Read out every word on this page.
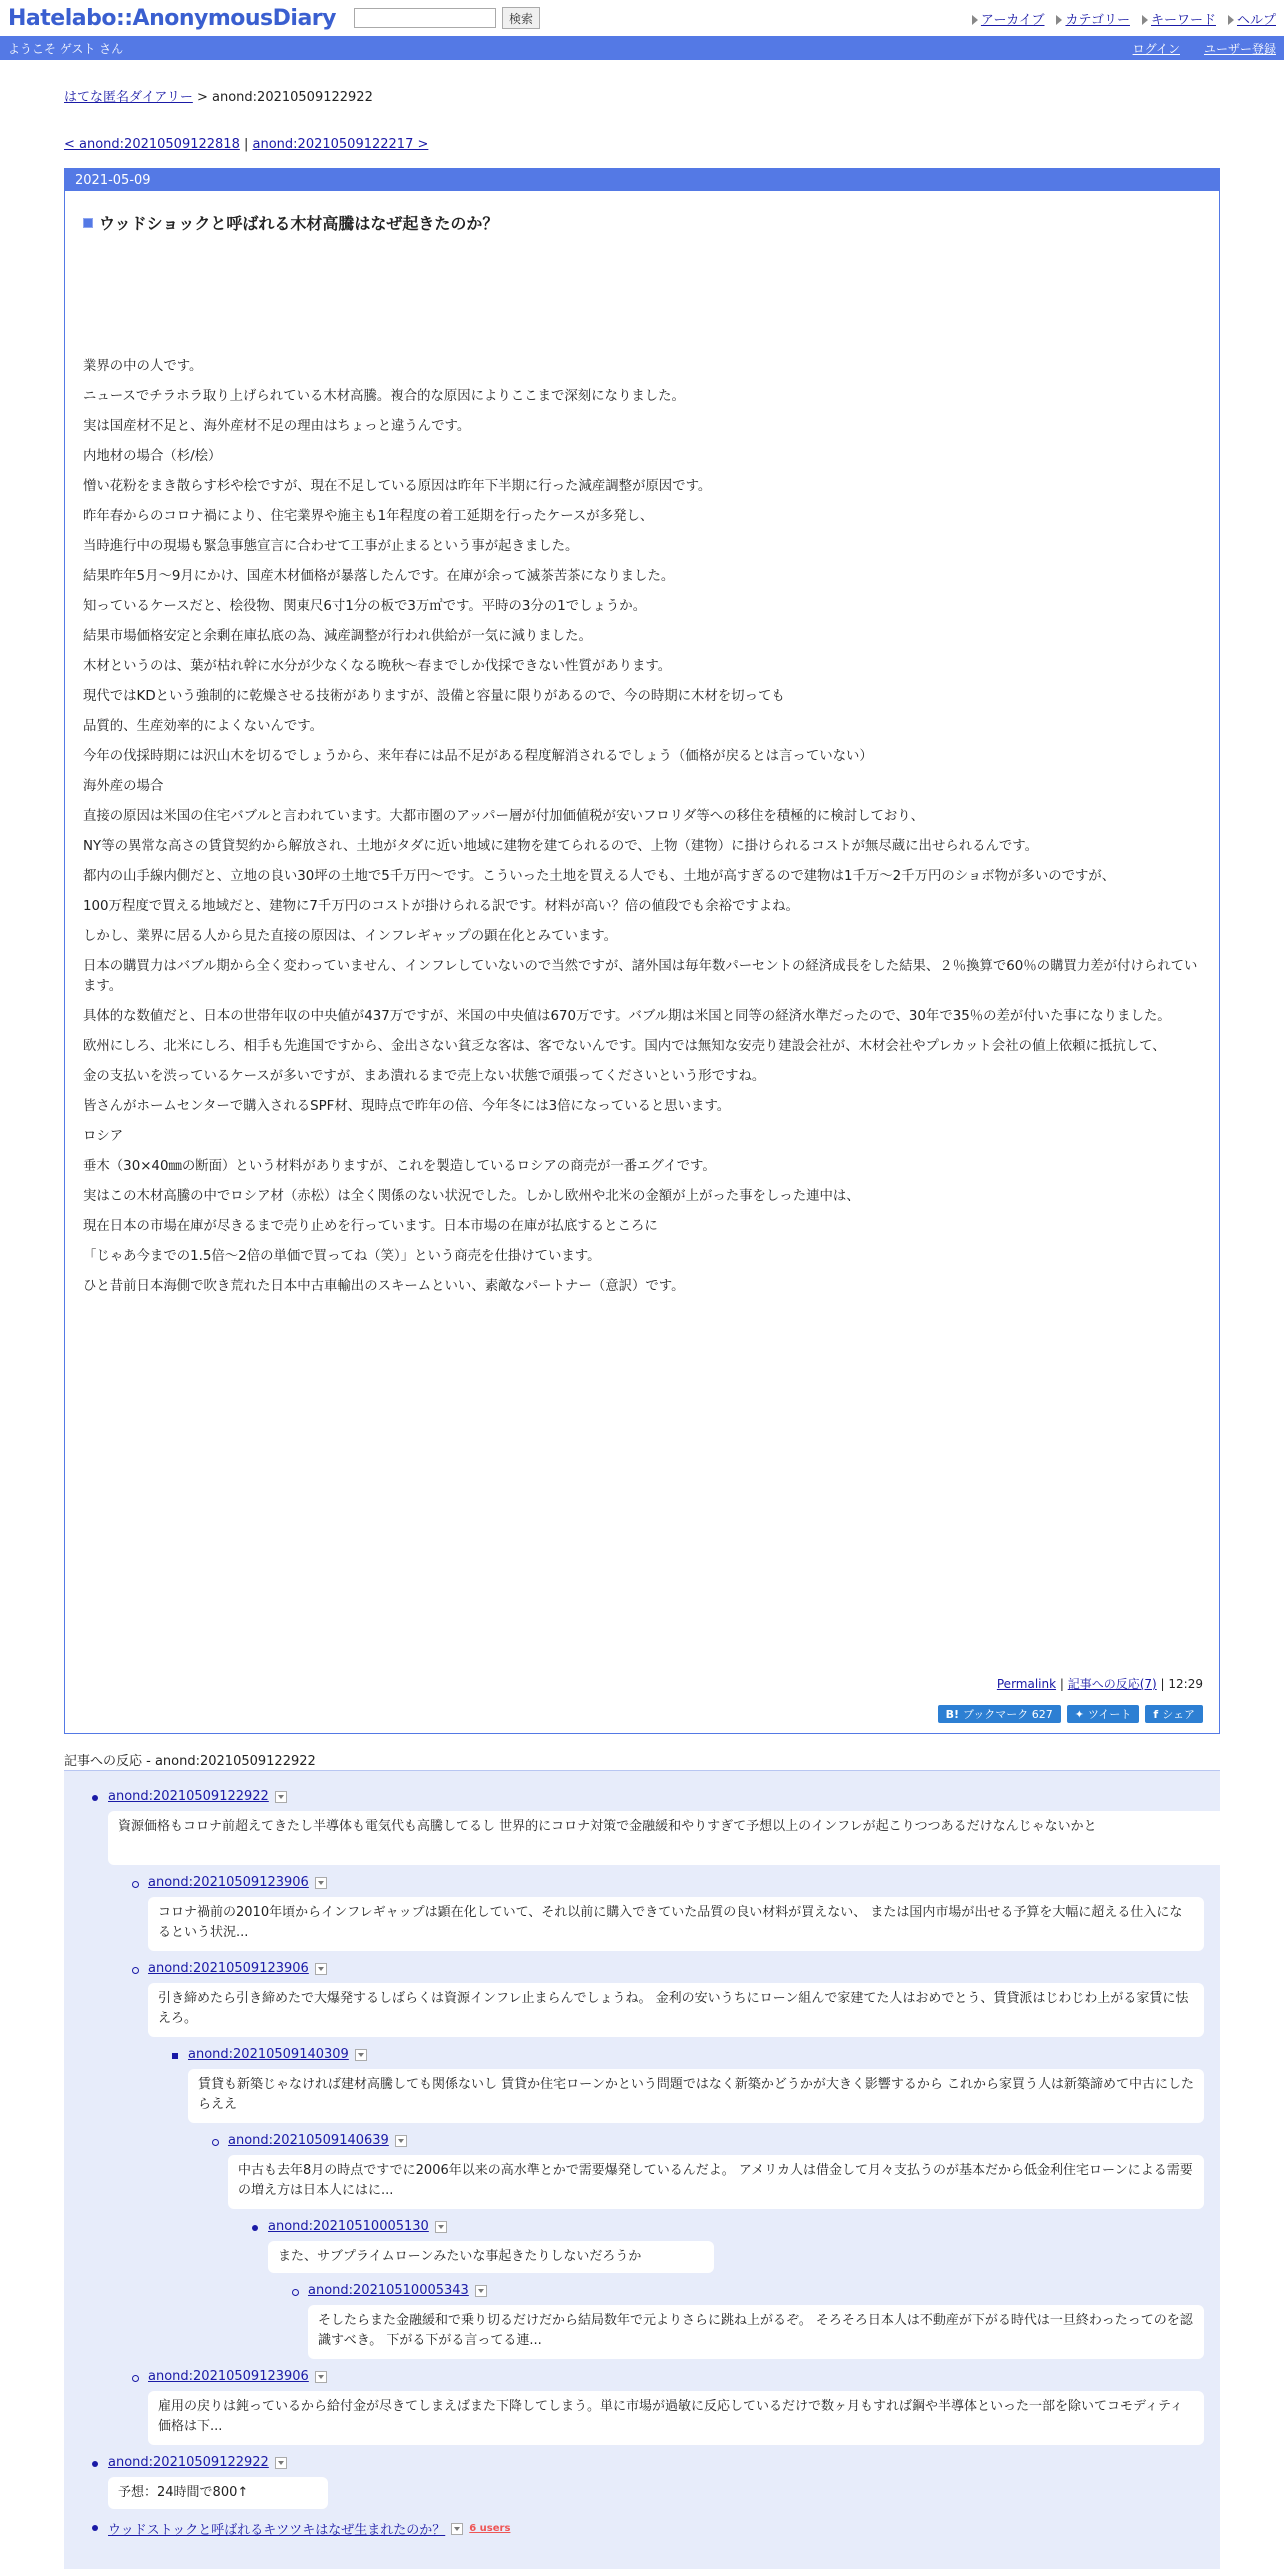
Hatelabo::AnonymousDiary	検索	アーカイブ	カテゴリー	キーワード	ヘルプ
ようこそ ゲスト さん	ログイン ユーザー登録
はてな匿名ダイアリー > anond:20210509122922
< anond:20210509122818 | anond:20210509122217 >
2021-05-09
ウッドショックと呼ばれる木材高騰はなぜ起きたのか？

業界の中の人です。

ニュースでチラホラ取り上げられている木材高騰。複合的な原因によりここまで深刻になりました。

実は国産材不足と、海外産材不足の理由はちょっと違うんです。

内地材の場合（杉/桧）

憎い花粉をまき散らす杉や桧ですが、現在不足している原因は昨年下半期に行った減産調整が原因です。

昨年春からのコロナ禍により、住宅業界や施主も1年程度の着工延期を行ったケースが多発し、

当時進行中の現場も緊急事態宣言に合わせて工事が止まるという事が起きました。

結果昨年5月～9月にかけ、国産木材価格が暴落したんです。在庫が余って滅茶苦茶になりました。

知っているケースだと、桧役物、関東尺6寸1分の板で3万㎥です。平時の3分の1でしょうか。

結果市場価格安定と余剰在庫払底の為、減産調整が行われ供給が一気に減りました。

木材というのは、葉が枯れ幹に水分が少なくなる晩秋～春までしか伐採できない性質があります。

現代ではKDという強制的に乾燥させる技術がありますが、設備と容量に限りがあるので、今の時期に木材を切っても

品質的、生産効率的によくないんです。

今年の伐採時期には沢山木を切るでしょうから、来年春には品不足がある程度解消されるでしょう（価格が戻るとは言っていない）

海外産の場合

直接の原因は米国の住宅バブルと言われています。大都市圏のアッパー層が付加価値税が安いフロリダ等への移住を積極的に検討しており、

NY等の異常な高さの賃貸契約から解放され、土地がタダに近い地域に建物を建てられるので、上物（建物）に掛けられるコストが無尽蔵に出せられるんです。

都内の山手線内側だと、立地の良い30坪の土地で5千万円～です。こういった土地を買える人でも、土地が高すぎるので建物は1千万～2千万円のショボ物が多いのですが、

100万程度で買える地域だと、建物に7千万円のコストが掛けられる訳です。材料が高い？倍の値段でも余裕ですよね。

しかし、業界に居る人から見た直接の原因は、インフレギャップの顕在化とみています。

日本の購買力はバブル期から全く変わっていません、インフレしていないので当然ですが、諸外国は毎年数パーセントの経済成長をした結果、２％換算で60％の購買力差が付けられています。

具体的な数値だと、日本の世帯年収の中央値が437万ですが、米国の中央値は670万です。バブル期は米国と同等の経済水準だったので、30年で35％の差が付いた事になりました。

欧州にしろ、北米にしろ、相手も先進国ですから、金出さない貧乏な客は、客でないんです。国内では無知な安売り建設会社が、木材会社やプレカット会社の値上依頼に抵抗して、

金の支払いを渋っているケースが多いですが、まあ潰れるまで売上ない状態で頑張ってくださいという形ですね。

皆さんがホームセンターで購入されるSPF材、現時点で昨年の倍、今年冬には3倍になっていると思います。

ロシア

垂木（30×40㎜の断面）という材料がありますが、これを製造しているロシアの商売が一番エグイです。

実はこの木材高騰の中でロシア材（赤松）は全く関係のない状況でした。しかし欧州や北米の金額が上がった事をしった連中は、

現在日本の市場在庫が尽きるまで売り止めを行っています。日本市場の在庫が払底するところに

「じゃあ今までの1.5倍～2倍の単価で買ってね（笑）」という商売を仕掛けています。

ひと昔前日本海側で吹き荒れた日本中古車輸出のスキームといい、素敵なパートナー（意訳）です。

Permalink | 記事への反応(7) | 12:29
B! ブックマーク 627 ✦ ツイート f シェア
記事への反応 - anond:20210509122922
anond:20210509122922
資源価格もコロナ前超えてきたし半導体も電気代も高騰してるし 世界的にコロナ対策で金融緩和やりすぎて予想以上のインフレが起こりつつあるだけなんじゃないかと
anond:20210509123906
コロナ禍前の2010年頃からインフレギャップは顕在化していて、それ以前に購入できていた品質の良い材料が買えない、 または国内市場が出せる予算を大幅に超える仕入になるという状況...
anond:20210509123906
引き締めたら引き締めたで大爆発するしばらくは資源インフレ止まらんでしょうね。 金利の安いうちにローン組んで家建てた人はおめでとう、賃貸派はじわじわ上がる家賃に怯えろ。
anond:20210509140309
賃貸も新築じゃなければ建材高騰しても関係ないし 賃貸か住宅ローンかという問題ではなく新築かどうかが大きく影響するから これから家買う人は新築諦めて中古にしたらええ
anond:20210509140639
中古も去年8月の時点ですでに2006年以来の高水準とかで需要爆発しているんだよ。 アメリカ人は借金して月々支払うのが基本だから低金利住宅ローンによる需要の増え方は日本人にはに...
anond:20210510005130
また、サブプライムローンみたいな事起きたりしないだろうか
anond:20210510005343
そしたらまた金融緩和で乗り切るだけだから結局数年で元よりさらに跳ね上がるぞ。 そろそろ日本人は不動産が下がる時代は一旦終わったってのを認識すべき。 下がる下がる言ってる連...
anond:20210509123906
雇用の戻りは鈍っているから給付金が尽きてしまえばまた下降してしまう。単に市場が過敏に反応しているだけで数ヶ月もすれば鋼や半導体といった一部を除いてコモディティ価格は下...
anond:20210509122922
予想：24時間で800↑
ウッドストックと呼ばれるキツツキはなぜ生まれたのか？ 6 users
